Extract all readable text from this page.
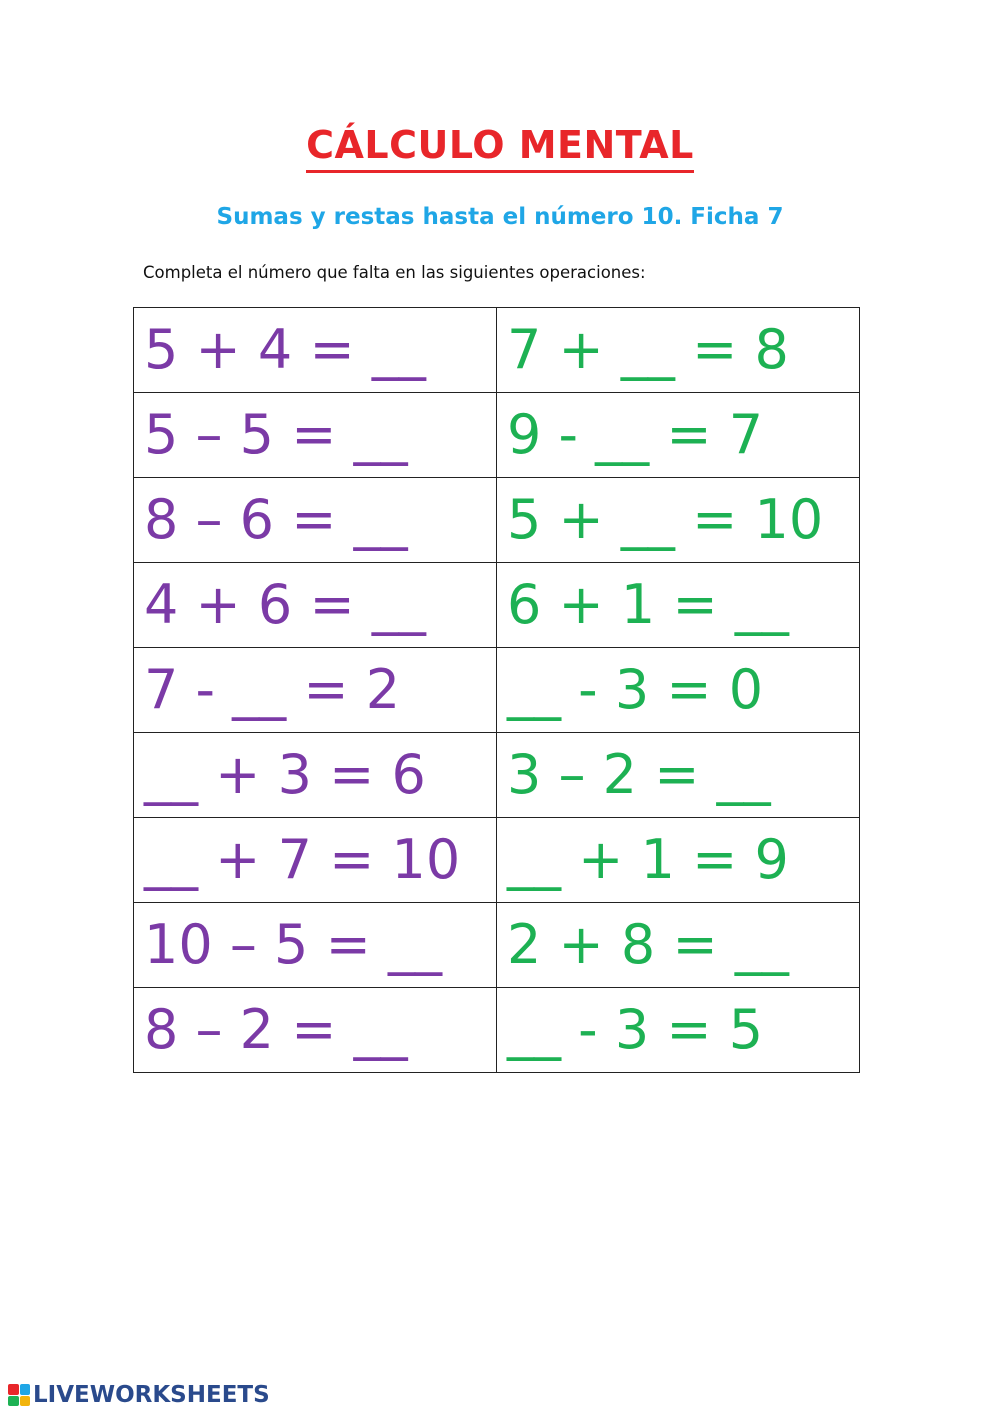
CÁLCULO MENTAL
Sumas y restas hasta el número 10. Ficha 7
Completa el número que falta en las siguientes operaciones:
5 + 4 = __	7 + __ = 8
5 – 5 = __	9 - __ = 7
8 – 6 = __	5 + __ = 10
4 + 6 = __	6 + 1 = __
7 - __ = 2	__ - 3 = 0
__ + 3 = 6	3 – 2 = __
__ + 7 = 10	__ + 1 = 9
10 – 5 = __	2 + 8 = __
8 – 2 = __	__ - 3 = 5
LIVEWORKSHEETS
